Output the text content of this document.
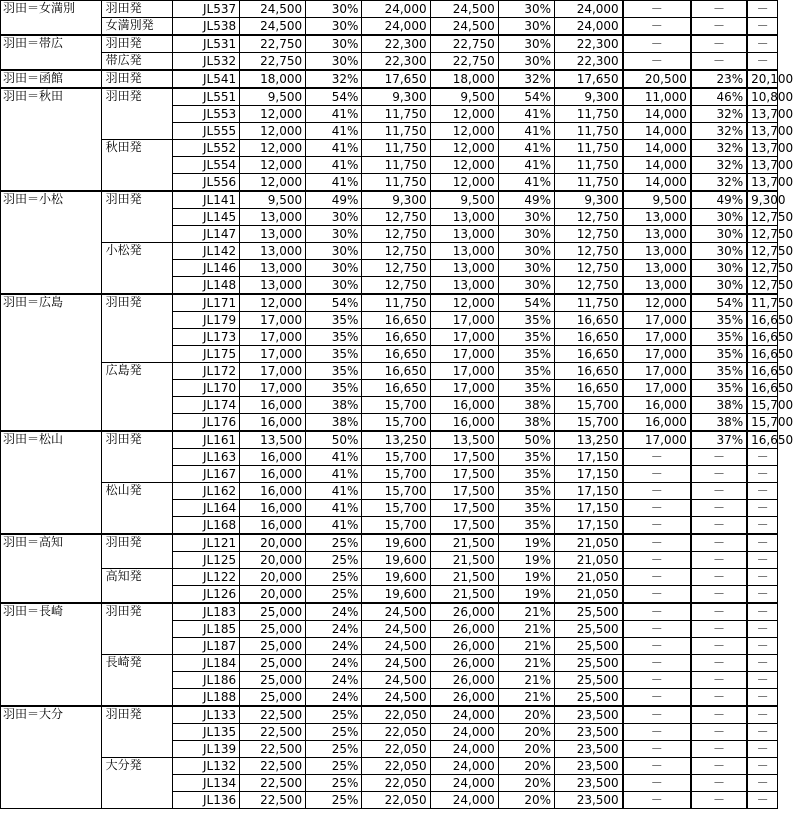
羽田＝女満別	羽田発	JL537	24,500	30%	24,000	24,500	30%	24,000	－	－	－
	女満別発	JL538	24,500	30%	24,000	24,500	30%	24,000	－	－	－
羽田＝帯広	羽田発	JL531	22,750	30%	22,300	22,750	30%	22,300	－	－	－
	帯広発	JL532	22,750	30%	22,300	22,750	30%	22,300	－	－	－
羽田＝函館	羽田発	JL541	18,000	32%	17,650	18,000	32%	17,650	20,500	23%	20,100
羽田＝秋田	羽田発	JL551	9,500	54%	9,300	9,500	54%	9,300	11,000	46%	10,800
		JL553	12,000	41%	11,750	12,000	41%	11,750	14,000	32%	13,700
		JL555	12,000	41%	11,750	12,000	41%	11,750	14,000	32%	13,700
	秋田発	JL552	12,000	41%	11,750	12,000	41%	11,750	14,000	32%	13,700
		JL554	12,000	41%	11,750	12,000	41%	11,750	14,000	32%	13,700
		JL556	12,000	41%	11,750	12,000	41%	11,750	14,000	32%	13,700
羽田＝小松	羽田発	JL141	9,500	49%	9,300	9,500	49%	9,300	9,500	49%	9,300
		JL145	13,000	30%	12,750	13,000	30%	12,750	13,000	30%	12,750
		JL147	13,000	30%	12,750	13,000	30%	12,750	13,000	30%	12,750
	小松発	JL142	13,000	30%	12,750	13,000	30%	12,750	13,000	30%	12,750
		JL146	13,000	30%	12,750	13,000	30%	12,750	13,000	30%	12,750
		JL148	13,000	30%	12,750	13,000	30%	12,750	13,000	30%	12,750
羽田＝広島	羽田発	JL171	12,000	54%	11,750	12,000	54%	11,750	12,000	54%	11,750
		JL179	17,000	35%	16,650	17,000	35%	16,650	17,000	35%	16,650
		JL173	17,000	35%	16,650	17,000	35%	16,650	17,000	35%	16,650
		JL175	17,000	35%	16,650	17,000	35%	16,650	17,000	35%	16,650
	広島発	JL172	17,000	35%	16,650	17,000	35%	16,650	17,000	35%	16,650
		JL170	17,000	35%	16,650	17,000	35%	16,650	17,000	35%	16,650
		JL174	16,000	38%	15,700	16,000	38%	15,700	16,000	38%	15,700
		JL176	16,000	38%	15,700	16,000	38%	15,700	16,000	38%	15,700
羽田＝松山	羽田発	JL161	13,500	50%	13,250	13,500	50%	13,250	17,000	37%	16,650
		JL163	16,000	41%	15,700	17,500	35%	17,150	－	－	－
		JL167	16,000	41%	15,700	17,500	35%	17,150	－	－	－
	松山発	JL162	16,000	41%	15,700	17,500	35%	17,150	－	－	－
		JL164	16,000	41%	15,700	17,500	35%	17,150	－	－	－
		JL168	16,000	41%	15,700	17,500	35%	17,150	－	－	－
羽田＝高知	羽田発	JL121	20,000	25%	19,600	21,500	19%	21,050	－	－	－
		JL125	20,000	25%	19,600	21,500	19%	21,050	－	－	－
	高知発	JL122	20,000	25%	19,600	21,500	19%	21,050	－	－	－
		JL126	20,000	25%	19,600	21,500	19%	21,050	－	－	－
羽田＝長崎	羽田発	JL183	25,000	24%	24,500	26,000	21%	25,500	－	－	－
		JL185	25,000	24%	24,500	26,000	21%	25,500	－	－	－
		JL187	25,000	24%	24,500	26,000	21%	25,500	－	－	－
	長崎発	JL184	25,000	24%	24,500	26,000	21%	25,500	－	－	－
		JL186	25,000	24%	24,500	26,000	21%	25,500	－	－	－
		JL188	25,000	24%	24,500	26,000	21%	25,500	－	－	－
羽田＝大分	羽田発	JL133	22,500	25%	22,050	24,000	20%	23,500	－	－	－
		JL135	22,500	25%	22,050	24,000	20%	23,500	－	－	－
		JL139	22,500	25%	22,050	24,000	20%	23,500	－	－	－
	大分発	JL132	22,500	25%	22,050	24,000	20%	23,500	－	－	－
		JL134	22,500	25%	22,050	24,000	20%	23,500	－	－	－
		JL136	22,500	25%	22,050	24,000	20%	23,500	－	－	－
